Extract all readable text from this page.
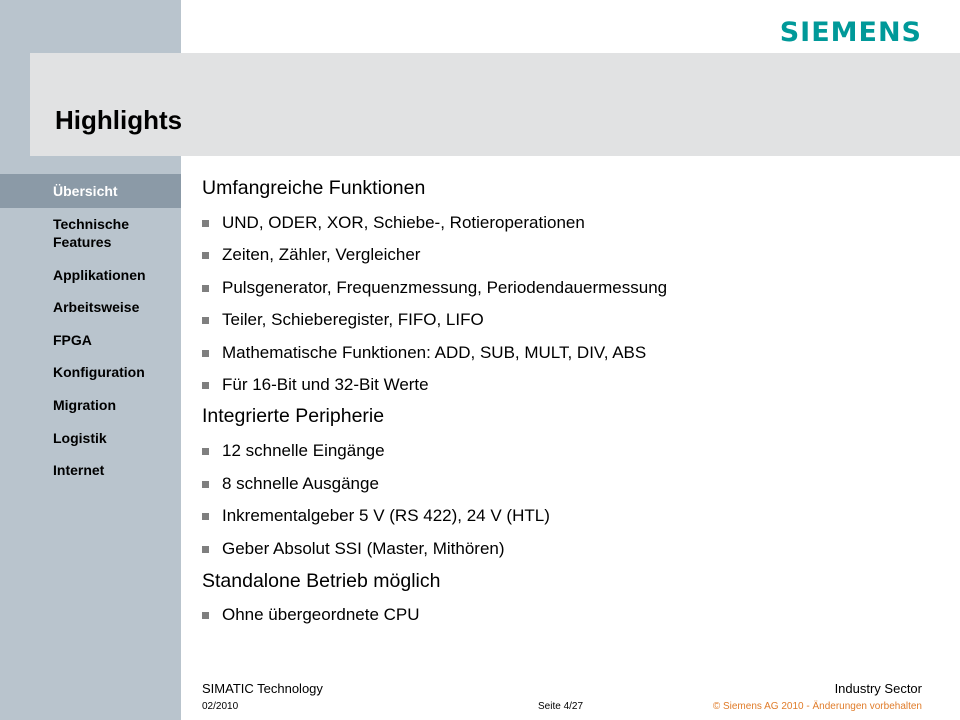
SIEMENS
Highlights
Übersicht
Technische Features
Applikationen
Arbeitsweise
FPGA
Konfiguration
Migration
Logistik
Internet
Umfangreiche Funktionen
UND, ODER, XOR, Schiebe-, Rotieroperationen
Zeiten, Zähler, Vergleicher
Pulsgenerator, Frequenzmessung, Periodendauermessung
Teiler, Schieberegister, FIFO, LIFO
Mathematische Funktionen: ADD, SUB, MULT, DIV, ABS
Für 16-Bit und 32-Bit Werte
Integrierte Peripherie
12 schnelle Eingänge
8 schnelle Ausgänge
Inkrementalgeber 5 V (RS 422), 24 V (HTL)
Geber Absolut SSI (Master, Mithören)
Standalone Betrieb möglich
Ohne übergeordnete CPU
SIMATIC Technology	Industry Sector
02/2010	Seite 4/27	© Siemens AG 2010 - Änderungen vorbehalten
